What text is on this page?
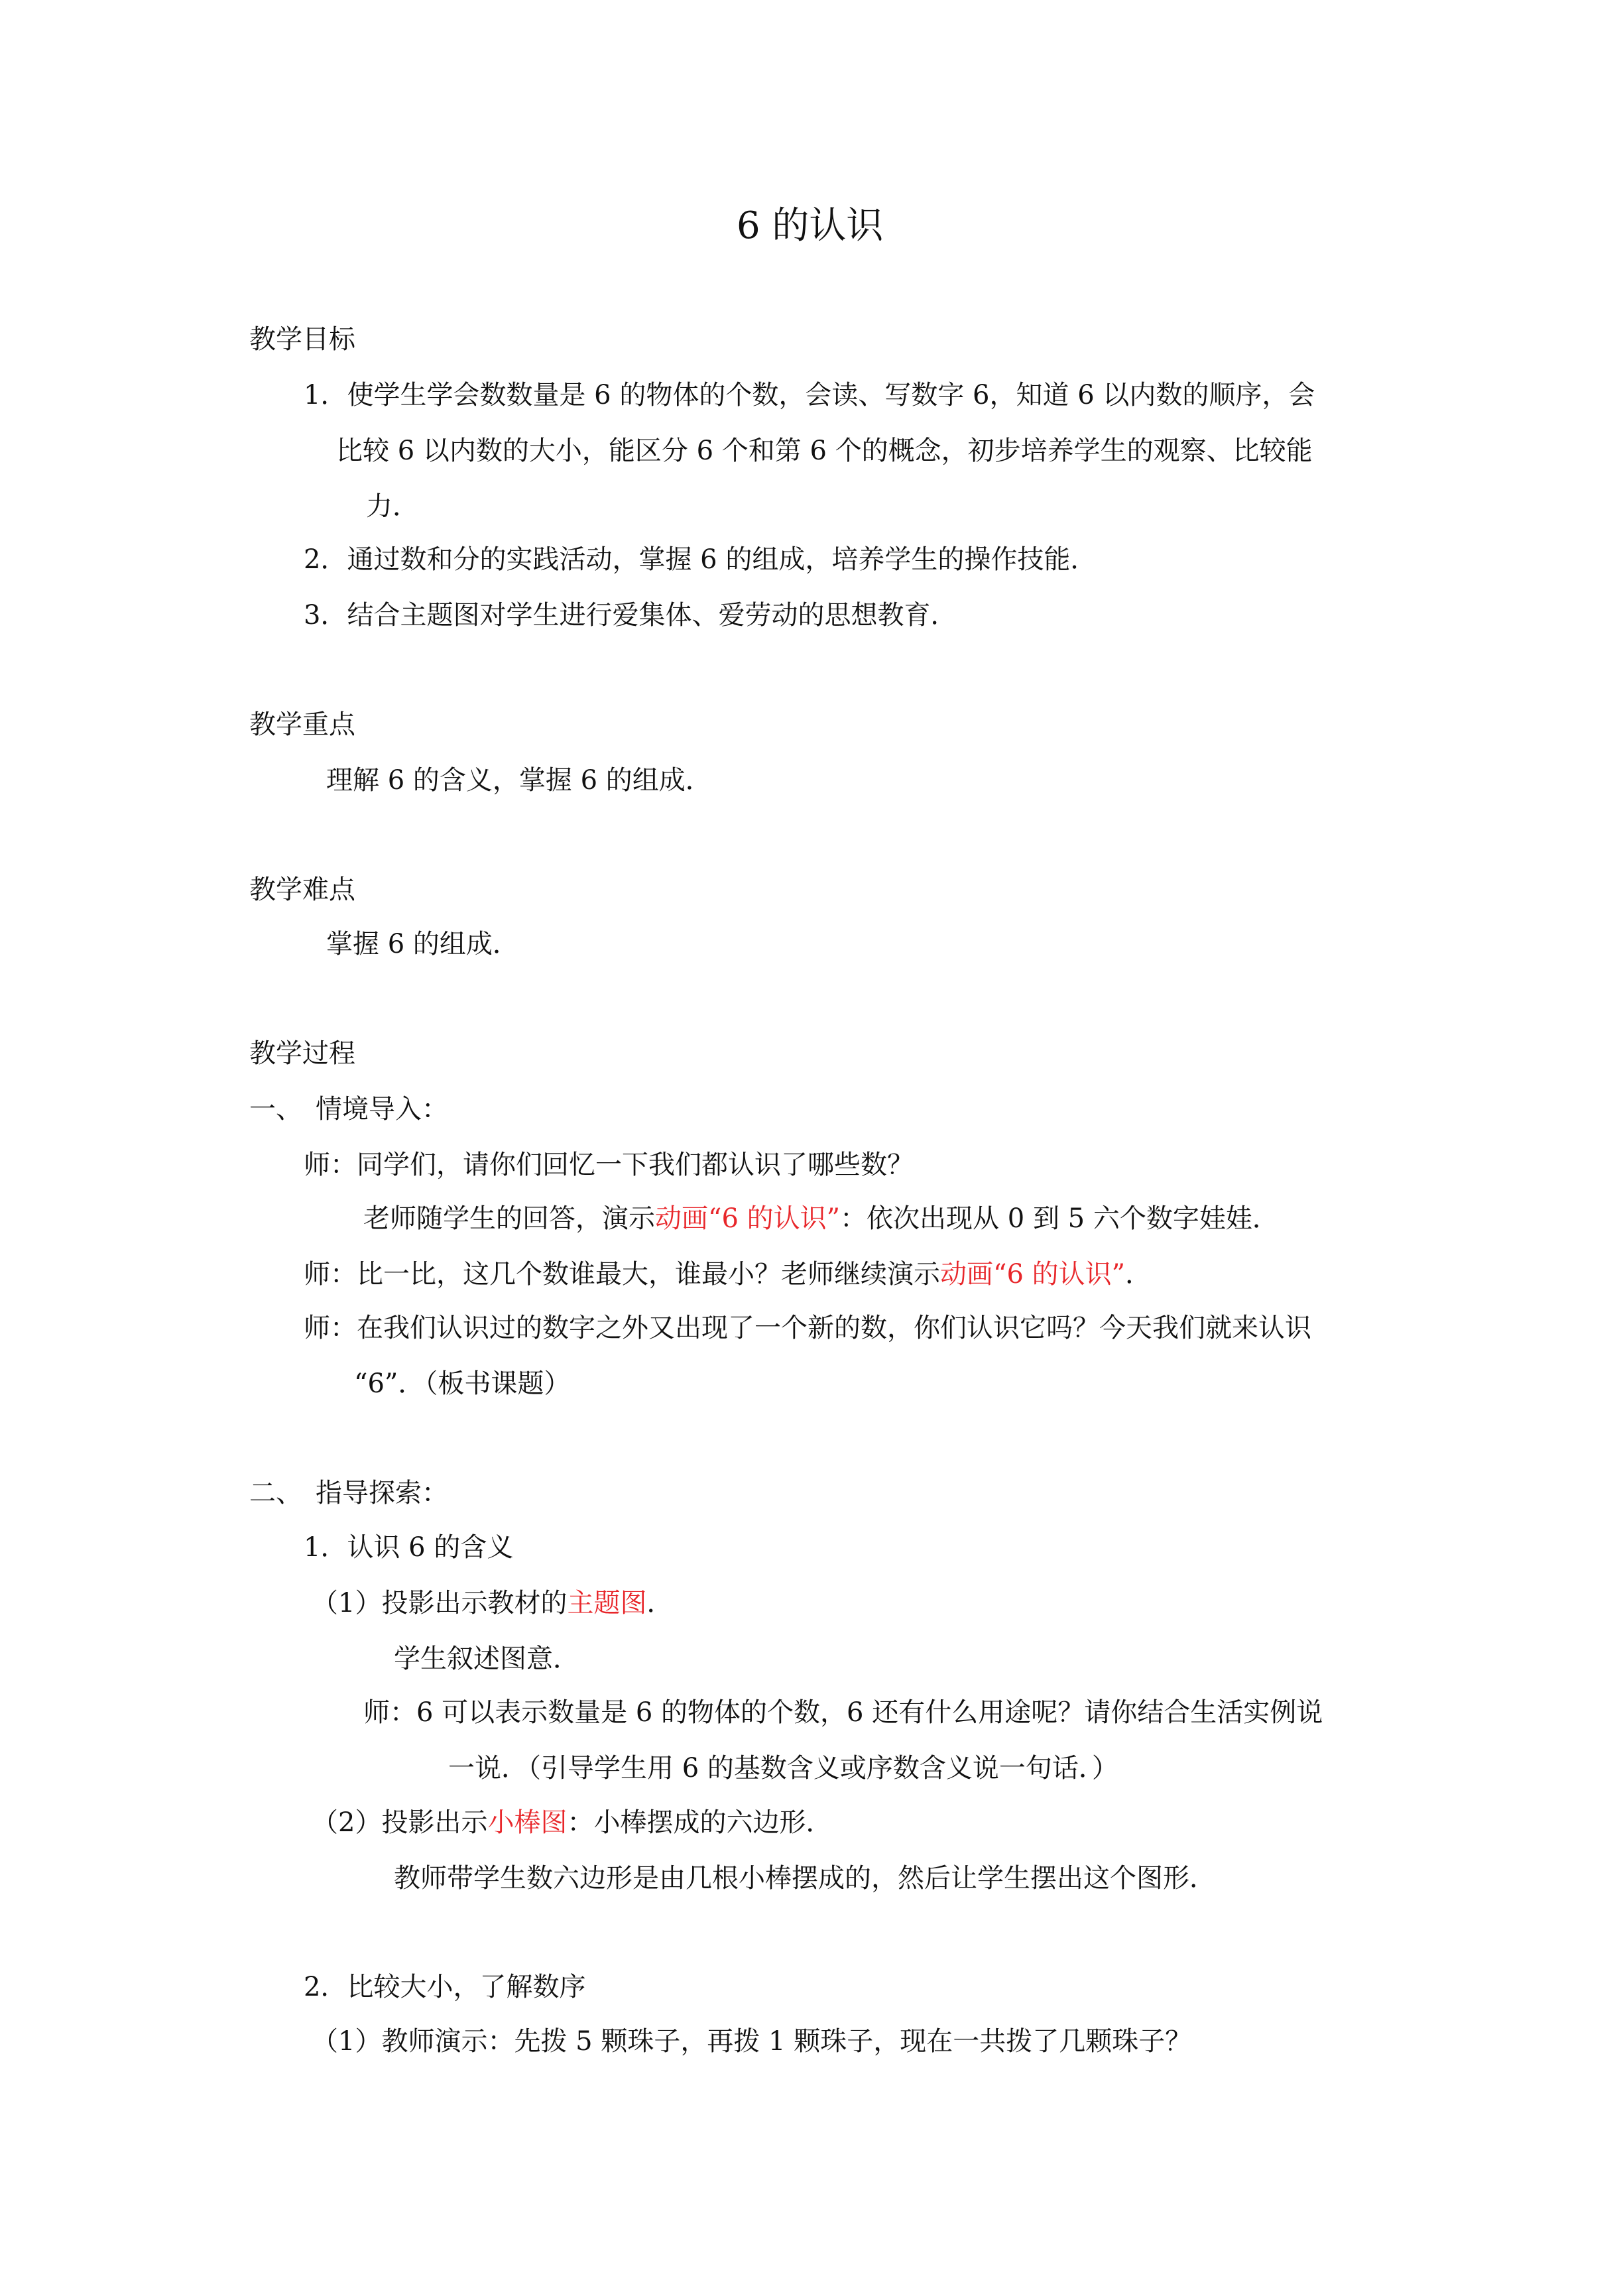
6 的认识

教学目标

1．使学生学会数数量是 6 的物体的个数，会读、写数字 6，知道 6 以内数的顺序，会

比较 6 以内数的大小，能区分 6 个和第 6 个的概念，初步培养学生的观察、比较能

力．

2．通过数和分的实践活动，掌握 6 的组成，培养学生的操作技能．

3．结合主题图对学生进行爱集体、爱劳动的思想教育．

教学重点

理解 6 的含义，掌握 6 的组成．

教学难点

掌握 6 的组成．

教学过程

一、　情境导入：

师：同学们，请你们回忆一下我们都认识了哪些数？

老师随学生的回答，演示动画“6 的认识”：依次出现从 0 到 5 六个数字娃娃．

师：比一比，这几个数谁最大，谁最小？老师继续演示动画“6 的认识”．

师：在我们认识过的数字之外又出现了一个新的数，你们认识它吗？今天我们就来认识

“6”．（板书课题）

二、　指导探索：

1．认识 6 的含义

（1）投影出示教材的主题图．

学生叙述图意．

师：6 可以表示数量是 6 的物体的个数，6 还有什么用途呢？请你结合生活实例说

一说．（引导学生用 6 的基数含义或序数含义说一句话．）

（2）投影出示小棒图：小棒摆成的六边形．

教师带学生数六边形是由几根小棒摆成的，然后让学生摆出这个图形．

2．比较大小，了解数序

（1）教师演示：先拨 5 颗珠子，再拨 1 颗珠子，现在一共拨了几颗珠子？
